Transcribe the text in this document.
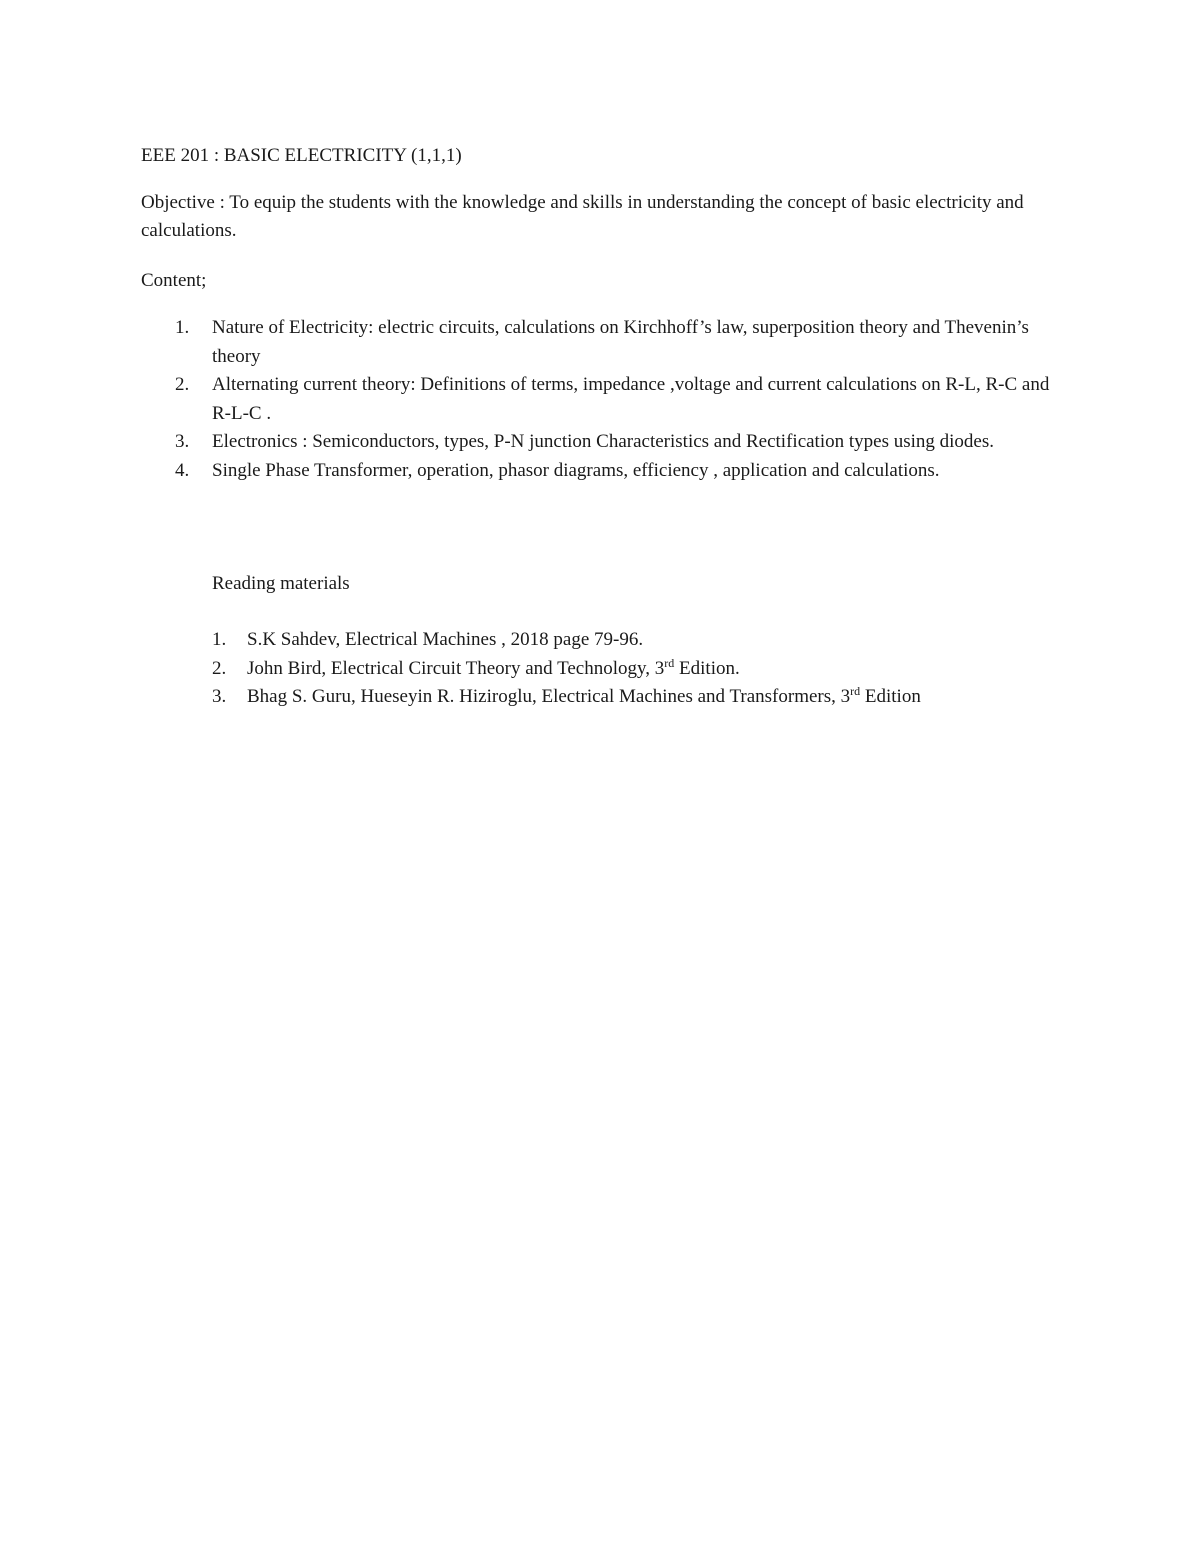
EEE 201 : BASIC ELECTRICITY (1,1,1)
Objective : To equip the students with the knowledge and skills in understanding the concept of basic electricity and calculations.
Content;
1. Nature of Electricity: electric circuits, calculations on Kirchhoff’s law, superposition theory and Thevenin’s theory
2. Alternating current theory: Definitions of terms, impedance ,voltage and current calculations on R-L, R-C and R-L-C .
3. Electronics : Semiconductors, types, P-N junction Characteristics and Rectification types using diodes.
4. Single Phase Transformer, operation, phasor diagrams, efficiency , application and calculations.
Reading materials
1. S.K Sahdev, Electrical Machines , 2018 page 79-96.
2. John Bird, Electrical Circuit Theory and Technology, 3rd Edition.
3. Bhag S. Guru, Hueseyin R. Hiziroglu, Electrical Machines and Transformers, 3rd Edition
